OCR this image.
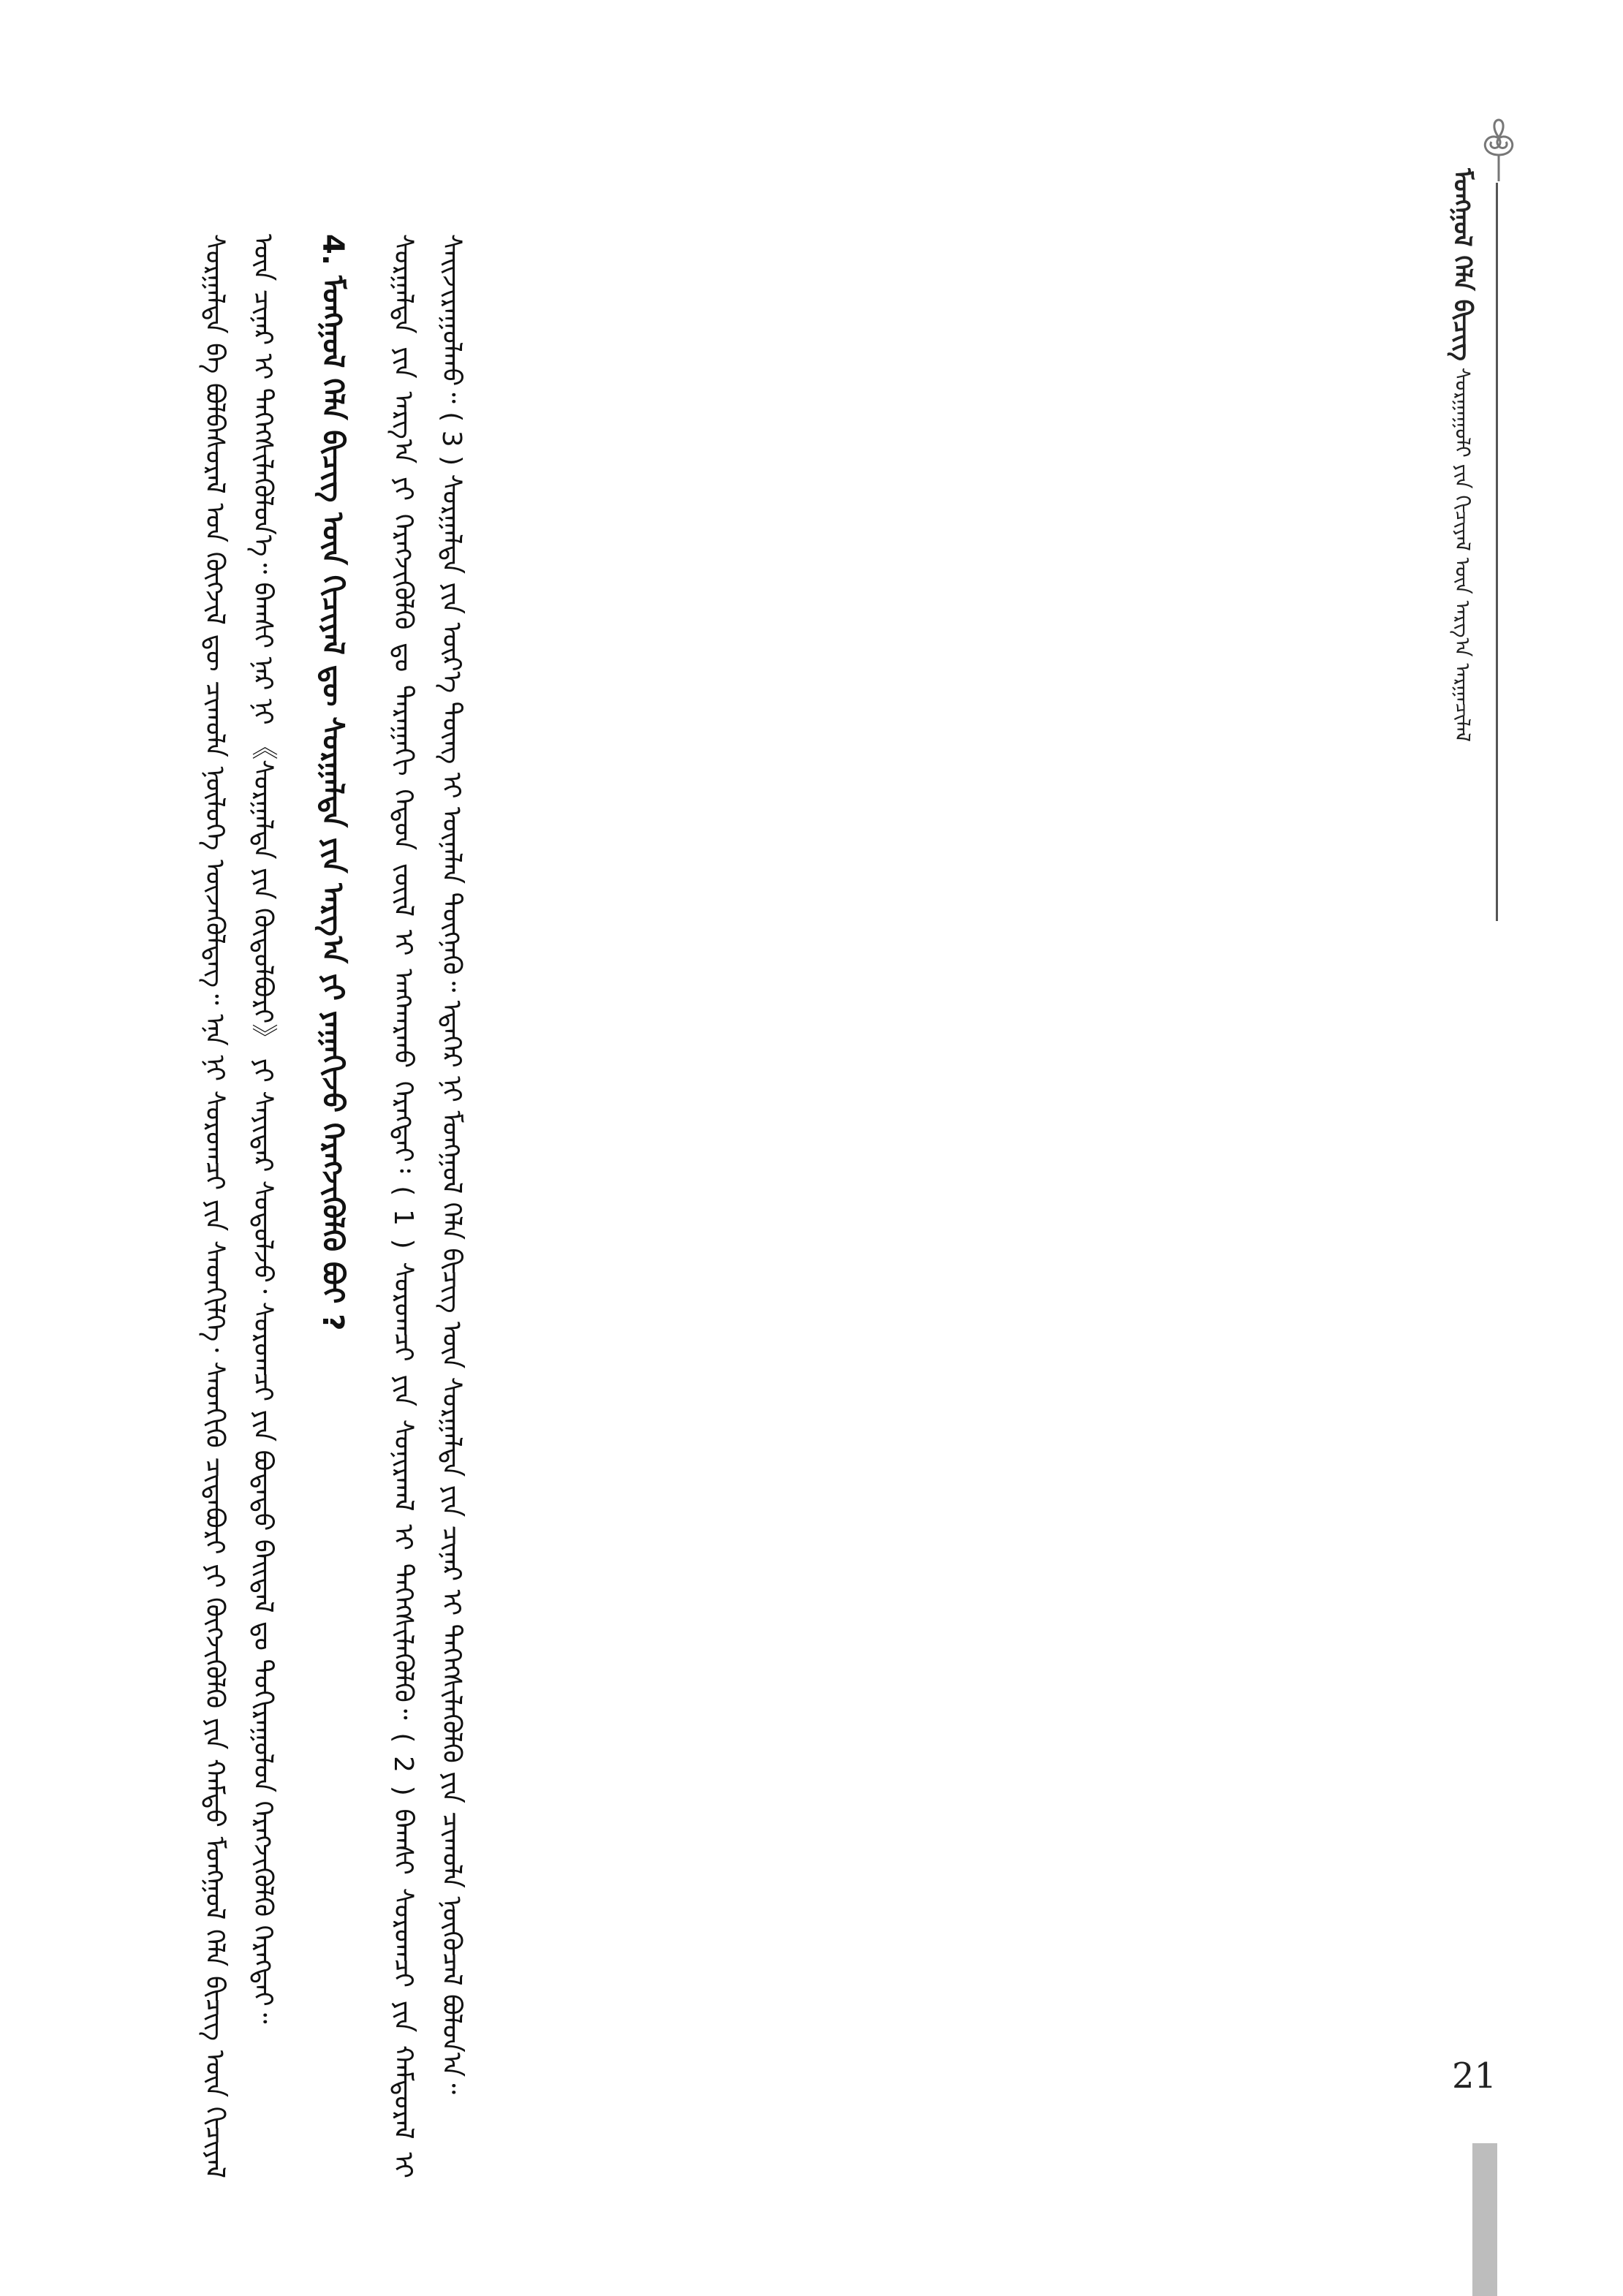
ᠮᠣᠩᠭᠣᠯ ᠬᠡᠯᠡ ᠪᠢᠴᠢᠭ ᠰᠤᠷᠭᠠᠭᠤᠯᠢ ᠶᠢᠨ ᠬᠢᠴᠢᠶᠡᠯ ᠦᠨ ᠠᠷᠭ᠎ᠠ ᠠᠷᠭᠠᠴᠢᠯᠠᠯ
21

ᠰᠤᠷᠭᠠᠯᠳᠠ ᠪᠠ ᠪᠣᠯᠪᠠᠰᠤᠷᠠᠯ ᠤᠨ ᠬᠥᠭᠵᠢᠯ ᠳᠦ ᠴᠢᠬᠤᠯᠠ ᠨᠥᠯᠦᠭᠡ ᠦᠵᠡᠭᠦᠯᠳᠡᠭ᠃ ᠡᠨᠡ ᠨᠢ ᠰᠤᠷᠤᠭᠴᠢ ᠶᠢᠨ ᠰᠡᠳᠬᠢᠯᠭᠡ᠂ ᠰᠡᠳᠬᠢᠬᠦ ᠴᠢᠳᠠᠪᠤᠷᠢ ᠶᠢ ᠬᠥᠭᠵᠢᠭᠦᠯᠬᠦ ᠶᠢᠨ ᠬᠠᠮᠲᠤ ᠮᠣᠩᠭᠣᠯ ᠬᠡᠯᠡ ᠪᠢᠴᠢᠭ ᠦᠨ ᠬᠢᠴᠢᠶᠡᠯ ᠦᠨ ᠴᠢᠨᠠᠷ ᠢ ᠳᠡᠭᠡᠭᠰᠢᠯᠡᠭᠦᠯᠦᠨ᠎ᠡ᠃ ᠪᠠᠭᠰᠢ ᠨᠠᠷ ᠨᠢ 《ᠰᠤᠷᠭᠠᠯᠳᠠ ᠶᠢᠨ ᠬᠥᠲᠥᠯᠪᠦᠷᠢ》 ᠶᠢ ᠰᠠᠶᠢᠲᠠᠷ ᠰᠤᠳᠤᠯᠵᠤ᠂ ᠰᠤᠷᠤᠭᠴᠢ ᠶᠢᠨ ᠪᠣᠳᠠᠲᠤ ᠪᠠᠢᠳᠠᠯ ᠳᠤ ᠲᠣᠬᠢᠷᠠᠭᠤᠯᠤᠨ ᠬᠡᠷᠡᠭᠵᠢᠭᠦᠯᠬᠦ ᠬᠡᠷᠡᠭᠲᠡᠢ᠃	4. ᠮᠣᠩᠭᠣᠯ ᠬᠡᠯᠡ ᠪᠢᠴᠢᠭ ᠦᠨ ᠬᠢᠴᠢᠶᠡᠯ ᠳᠦ ᠰᠤᠷᠭᠠᠯᠳᠠ ᠶᠢᠨ ᠠᠷᠭ᠎ᠠ ᠶᠢ ᠶᠠᠭᠠᠬᠢᠵᠤ ᠬᠡᠷᠡᠭᠵᠢᠭᠦᠯᠬᠦ ᠪᠤᠢ ?	ᠰᠤᠷᠭᠠᠯᠳᠠ ᠶᠢᠨ ᠠᠷᠭ᠎ᠠ ᠶᠢ ᠬᠡᠷᠡᠭᠵᠢᠭᠦᠯᠬᠦ ᠳᠤ ᠳᠠᠷᠠᠭᠠᠬᠢ ᠬᠡᠳᠦᠨ ᠵᠦᠢᠯ ᠢ ᠠᠩᠬᠠᠷᠬᠤ ᠬᠡᠷᠡᠭᠲᠡᠢ᠄ ( 1 ) ᠰᠤᠷᠤᠭᠴᠢ ᠶᠢᠨ ᠰᠤᠨᠢᠷᠬᠠᠯ ᠢ ᠳᠡᠭᠡᠭᠰᠢᠯᠡᠭᠦᠯᠬᠦ᠃ ( 2 ) ᠪᠠᠭᠰᠢ ᠰᠤᠷᠤᠭᠴᠢ ᠶᠢᠨ ᠬᠠᠮᠲᠤᠷᠠᠯ ᠢ ᠰᠠᠢᠵᠢᠷᠠᠭᠤᠯᠬᠤ᠃ ( 3 ) ᠰᠤᠷᠭᠠᠯᠳᠠ ᠶᠢᠨ ᠦᠷ᠎ᠡ ᠳᠦᠩ ᠢ ᠦᠨᠡᠯᠡᠨ ᠳᠦᠭᠨᠡᠬᠦ᠃ ᠡᠳᠡᠭᠡᠷ ᠨᠢ ᠮᠣᠩᠭᠣᠯ ᠬᠡᠯᠡ ᠪᠢᠴᠢᠭ ᠦᠨ ᠰᠤᠷᠭᠠᠯᠳᠠ ᠶᠢᠨ ᠴᠢᠨᠠᠷ ᠢ ᠳᠡᠭᠡᠭᠰᠢᠯᠡᠭᠦᠯᠬᠦ ᠶᠢᠨ ᠴᠢᠬᠤᠯᠠ ᠨᠥᠬᠦᠴᠡᠯ ᠪᠣᠯᠤᠨ᠎ᠠ᠃
